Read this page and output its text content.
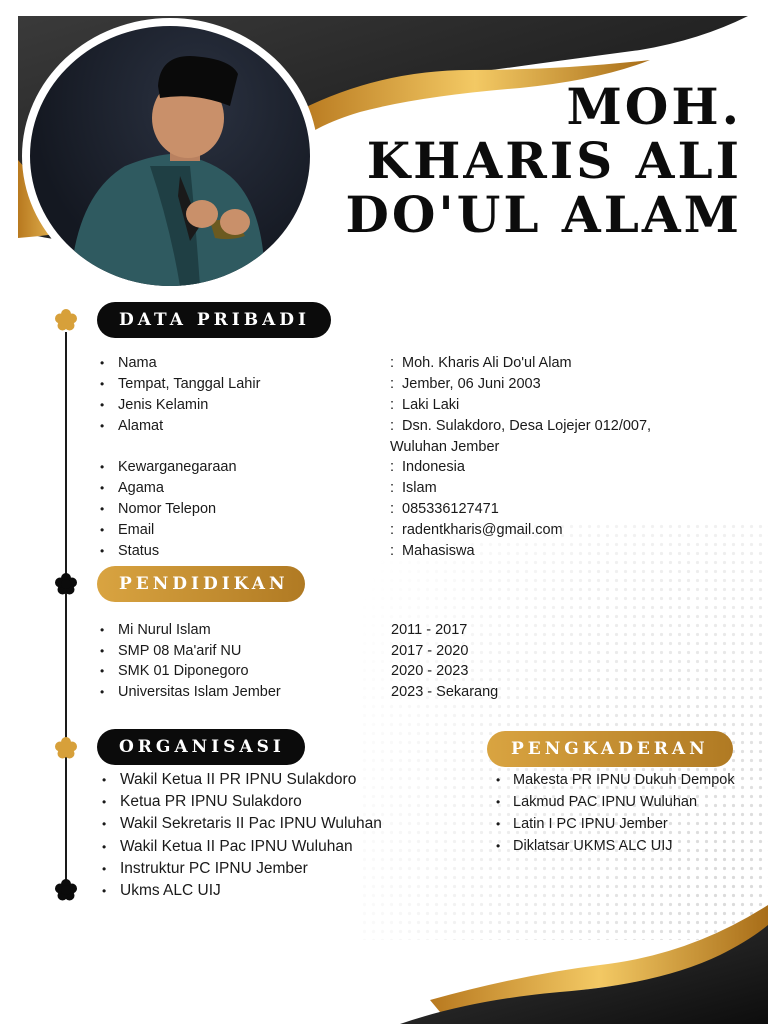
MOH.
KHARIS ALI
DO'UL ALAM
DATA PRIBADI
• Nama	: Moh. Kharis Ali Do'ul Alam
• Tempat, Tanggal Lahir	: Jember, 06 Juni 2003
• Jenis Kelamin	: Laki Laki
• Alamat	: Dsn. Sulakdoro, Desa Lojejer 012/007,
Wuluhan Jember
• Kewarganegaraan	: Indonesia
• Agama	: Islam
• Nomor Telepon	: 085336127471
• Email	: radentkharis@gmail.com
• Status	: Mahasiswa
PENDIDIKAN
• Mi Nurul Islam	2011 - 2017
• SMP 08 Ma'arif NU	2017 - 2020
• SMK 01 Diponegoro	2020 - 2023
• Universitas Islam Jember	2023 - Sekarang
ORGANISASI
• Wakil Ketua II PR IPNU Sulakdoro
• Ketua PR IPNU Sulakdoro
• Wakil Sekretaris II Pac IPNU Wuluhan
• Wakil Ketua II Pac IPNU Wuluhan
• Instruktur PC IPNU Jember
• Ukms ALC UIJ
PENGKADERAN
• Makesta PR IPNU Dukuh Dempok
• Lakmud PAC IPNU Wuluhan
• Latin I PC IPNU Jember
• Diklatsar UKMS ALC UIJ
